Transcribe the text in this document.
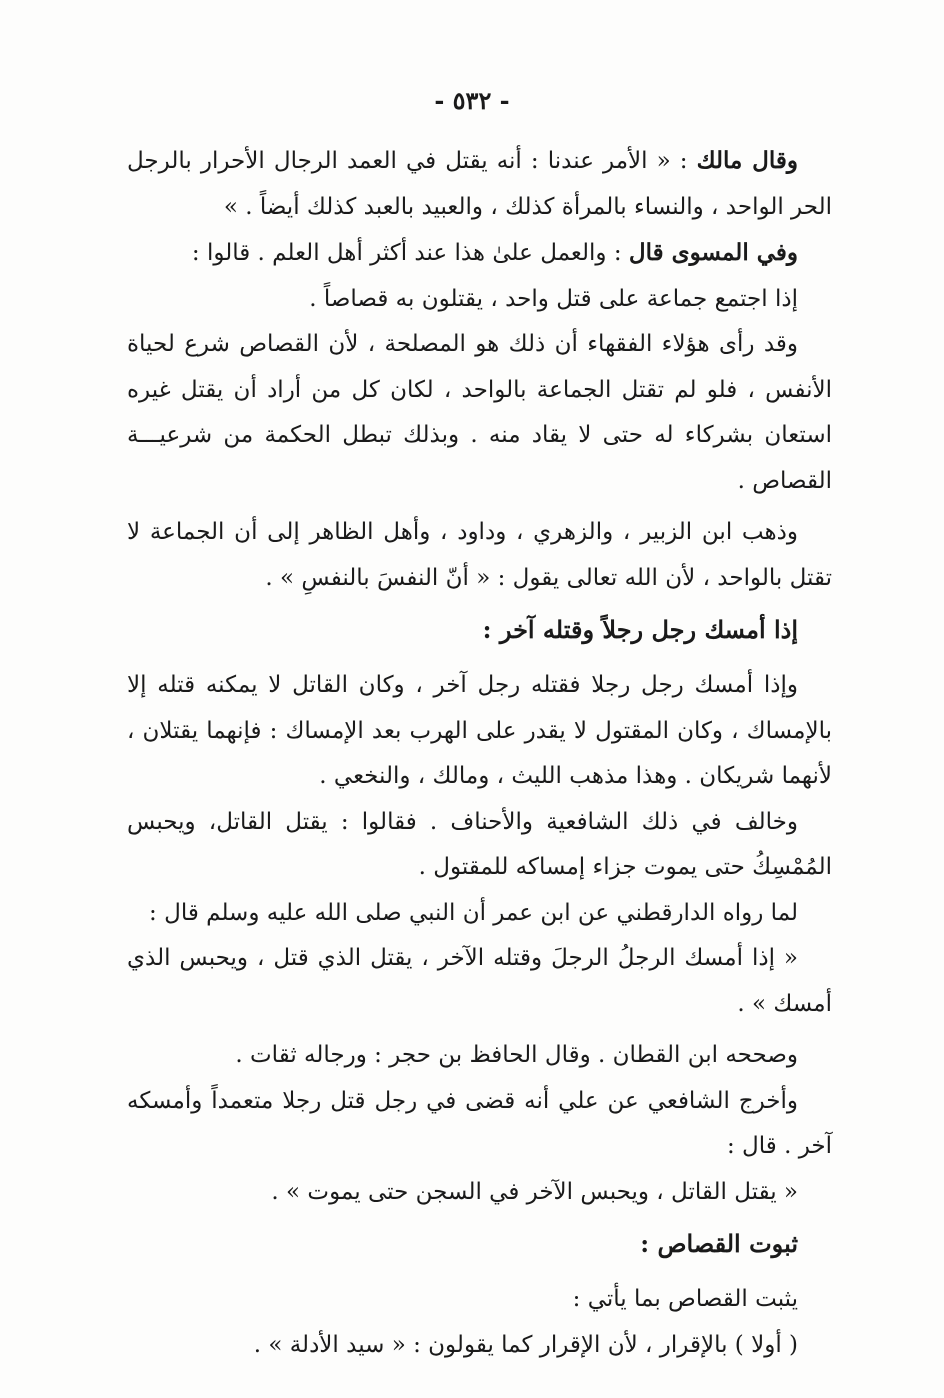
- ٥٣٢ -

وقال مالك : « الأمر عندنا : أنه يقتل في العمد الرجال الأحرار بالرجل الحر الواحد ، والنساء بالمرأة كذلك ، والعبيد بالعبد كذلك أيضاً . »

وفي المسوى قال : والعمل علىٰ هذا عند أكثر أهل العلم . قالوا :

إذا اجتمع جماعة على قتل واحد ، يقتلون به قصاصاً .

وقد رأى هؤلاء الفقهاء أن ذلك هو المصلحة ، لأن القصاص شرع لحياة الأنفس ، فلو لم تقتل الجماعة بالواحد ، لكان كل من أراد أن يقتل غيره استعان بشركاء له حتى لا يقاد منه . وبذلك تبطل الحكمة من شرعيـــة القصاص .

وذهب ابن الزبير ، والزهري ، وداود ، وأهل الظاهر إلى أن الجماعة لا تقتل بالواحد ، لأن الله تعالى يقول : « أنّ النفسَ بالنفسِ » .

إذا أمسك رجل رجلاً وقتله آخر :

وإذا أمسك رجل رجلا فقتله رجل آخر ، وكان القاتل لا يمكنه قتله إلا بالإمساك ، وكان المقتول لا يقدر على الهرب بعد الإمساك : فإنهما يقتلان ، لأنهما شريكان . وهذا مذهب الليث ، ومالك ، والنخعي .

وخالف في ذلك الشافعية والأحناف . فقالوا : يقتل القاتل، ويحبس المُمْسِكُ حتى يموت جزاء إمساكه للمقتول .

لما رواه الدارقطني عن ابن عمر أن النبي صلى الله عليه وسلم قال :

« إذا أمسك الرجلُ الرجلَ وقتله الآخر ، يقتل الذي قتل ، ويحبس الذي أمسك » .

وصححه ابن القطان . وقال الحافظ بن حجر : ورجاله ثقات .

وأخرج الشافعي عن علي أنه قضى في رجل قتل رجلا متعمداً وأمسكه آخر . قال :

« يقتل القاتل ، ويحبس الآخر في السجن حتى يموت » .

ثبوت القصاص :

يثبت القصاص بما يأتي :

( أولا ) بالإقرار ، لأن الإقرار كما يقولون : « سيد الأدلة » .
